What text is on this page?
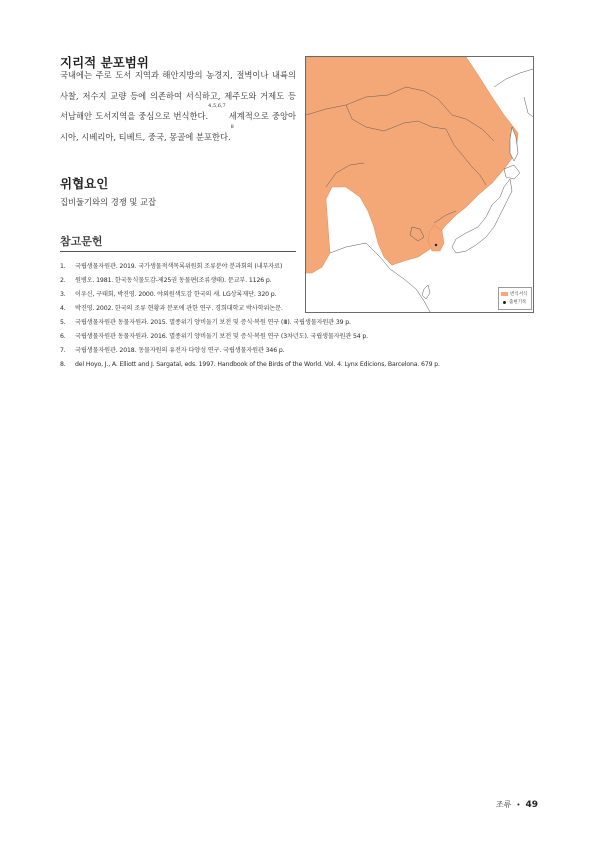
지리적 분포범위

국내에는 주로 도서 지역과 해안지방의 농경지, 절벽이나 내륙의 사찰, 저수지 교량 등에 의존하여 서식하고, 제주도와 거제도 등 서남해안 도서지역을 중심으로 번식한다.$^{4,5,6,7}$ 세계적으로 중앙아시아, 시베리아, 티베트, 중국, 몽골에 분포한다.$^8$

위협요인

집비둘기와의 경쟁 및 교잡

참고문헌
1. 국립생물자원관. 2019. 국가생물적색목록위원회 조류분야 분과회의 (내부자료)
2. 원병오. 1981. 한국동식물도감-제25권 동물편(조류생태). 문교부. 1126 p.
3. 이우신, 구태회, 박진영. 2000. 야외원색도감 한국의 새. LG상록재단. 320 p.
4. 박진영. 2002. 한국의 조류 현황과 분포에 관한 연구. 경희대학교 박사학위논문.
5. 국립생물자원관 동물자원과. 2015. 멸종위기 양비둘기 보전 및 증식·복원 연구 (Ⅲ). 국립생물자원관 39 p.
6. 국립생물자원관 동물자원과. 2016. 멸종위기 양비둘기 보전 및 증식·복원 연구 (3차년도). 국립생물자원관 54 p.
7. 국립생물자원관. 2018. 동물자원의 유전자 다양성 연구. 국립생물자원관 346 p.
8. del Hoyo, J., A. Elliott and J. Sargatal, eds. 1997. Handbook of the Birds of the World. Vol. 4. Lynx Edicions, Barcelona. 679 p.
번식서식
출현기록
조류 • 49
